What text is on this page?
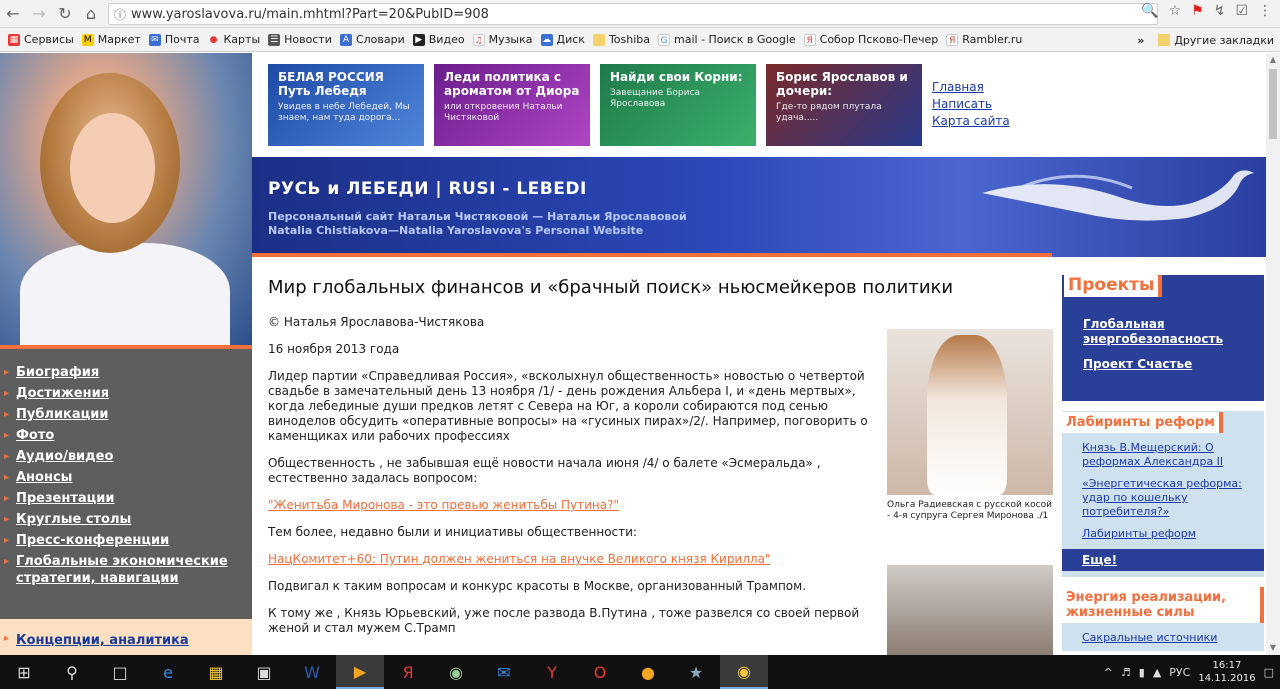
← → ↻ ⌂	ⓘ www.yaroslavova.ru/main.mhtml?Part=20&PubID=908	🔍 ☆ ⚑ ↯ ☑ ⋮
▦ Сервисы M Маркет ✉ Почта ● Карты ☰ Новости	A Словари ▶ Видео ♫ Музыка ☁ Диск Toshiba G mail - Поиск в Google	Я Собор Псково-Печер	Я Rambler.ru	»	Другие закладки
▸ Биография
▸ Достижения
▸ Публикации
▸ Фото
▸ Аудио/видео
▸ Анонсы
▸ Презентации
▸ Круглые столы
▸ Пресс-конференции
▸ Глобальные экономические стратегии, навигации
▸ Концепции, аналитика
БЕЛАЯ РОССИЯ Путь Лебедя
Увидев в небе Лебедей, Мы знаем, нам туда дорога...
Леди политика с ароматом от Диора
или откровения Натальи Чистяковой
Найди свои Корни:
Завещание Бориса Ярославова
Борис Ярославов и дочери:
Где-то рядом плутала удача.....
Главная
Написать
Карта сайта
РУСЬ и ЛЕБЕДИ | RUSI - LEBEDI
Персональный сайт Натальи Чистяковой — Натальи Ярославовой
Natalia Chistiakova—Natalia Yaroslavova's Personal Website
Мир глобальных финансов и «брачный поиск» ньюсмейкеров политики

© Наталья Ярославова-Чистякова

16 ноября 2013 года

Лидер партии «Справедливая Россия», «всколыхнул общественность» новостью о четвертой свадьбе в замечательный день 13 ноября /1/ - день рождения Альбера I, и «день мертвых», когда лебединые души предков летят с Севера на Юг, а короли собираются под сенью виноделов обсудить «оперативные вопросы» на «гусиных пирах»/2/. Например, поговорить о каменщиках или рабочих профессиях

Общественность , не забывшая ещё новости начала июня /4/ о балете «Эсмеральда» , естественно задалась вопросом:

"Женитьба Миронова - это превью женитьбы Путина?"

Тем более, недавно были и инициативы общественности:

НацКомитет+60: Путин должен жениться на внучке Великого князя Кирилла"

Подвигал к таким вопросам и конкурс красоты в Москве, организованный Трампом.

К тому же , Князь Юрьевский, уже после развода В.Путина , тоже развелся со своей первой женой и стал мужем С.Трамп

Ольга Радиевская с русской косой - 4-я супруга Сергея Миронова ./1
Проекты
Глобальная энергобезопасность
Проект Счастье
Лабиринты реформ
Князь В.Мещерский: О реформах Александра II
«Энергетическая реформа: удар по кошельку потребителя?»
Лабиринты реформ
Еще!
Энергия реализации, жизненные силы
Сакральные источники
▲
▼
⊞	⚲	□	e	▦	▣	W	▶	Я	◉	✉	Y	O	●	★	◉	^ ♬ ▮ ▲ РУС	16:17
14.11.2016 □
